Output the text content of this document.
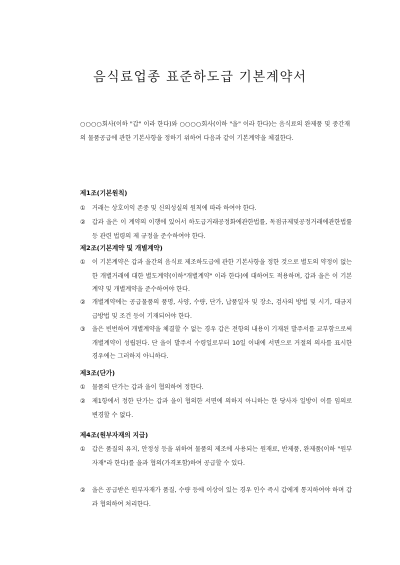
음식료업종 표준하도급 기본계약서
○○○○회사(이하 "갑" 이라 한다)와 ○○○○회사(이하 "을" 이라 한다)는 음식료의 완제품 및 중간재의 물품공급에 관한 기본사항을 정하기 위하여 다음과 같이 기본계약을 체결한다.
제1조(기본원칙)
①	거래는 상호이익 존중 및 신의성실의 원칙에 따라 하여야 한다.
②	갑과 을은 이 계약의 이행에 있어서 하도급거래공정화에관한법률, 독점규제및공정거래에관한법률 등 관련 법령의 제 규정을 준수하여야 한다.
제2조(기본계약 및 개별계약)
①	이 기본계약은 갑과 을간의 음식료 제조하도급에 관한 기본사항을 정한 것으로 별도의 약정이 없는 한 개별거래에 대한 별도계약(이하"개별계약" 이라 한다)에 대하여도 적용하며, 갑과 을은 이 기본계약 및 개별계약을 준수하여야 한다.
②	개별계약에는 공급물품의 품명, 사양, 수량, 단가, 납품일자 및 장소, 검사의 방법 및 시기, 대금지급방법 및 조건 등이 기재되어야 한다.
③	을은 빈번하여 개별계약을 체결할 수 없는 경우 갑은 전항의 내용이 기재된 발주서를 교부함으로써 개별계약이 성립된다. 단 을이 발주서 수령일로부터 10일 이내에 서면으로 거절의 의사를 표시한 경우에는 그러하지 아니하다.
제3조(단가)
①	물품의 단가는 갑과 을이 협의하여 정한다.
②	제1항에서 정한 단가는 갑과 을이 협의한 서면에 의하지 아니하는 한 당사자 일방이 이를 임의로 변경할 수 없다.
제4조(원부자재의 지급)
①	갑은 품질의 유지, 안정성 등을 위하여 물품의 제조에 사용되는 원재료, 반제품, 완제품(이하 "원부자재"라 한다)를 을과 협의(가격포함)하여 공급할 수 있다.
②	을은 공급받은 원부자재가 품질, 수량 등에 이상이 있는 경우 인수 즉시 갑에게 통지하여야 하며 갑과 협의하여 처리한다.
